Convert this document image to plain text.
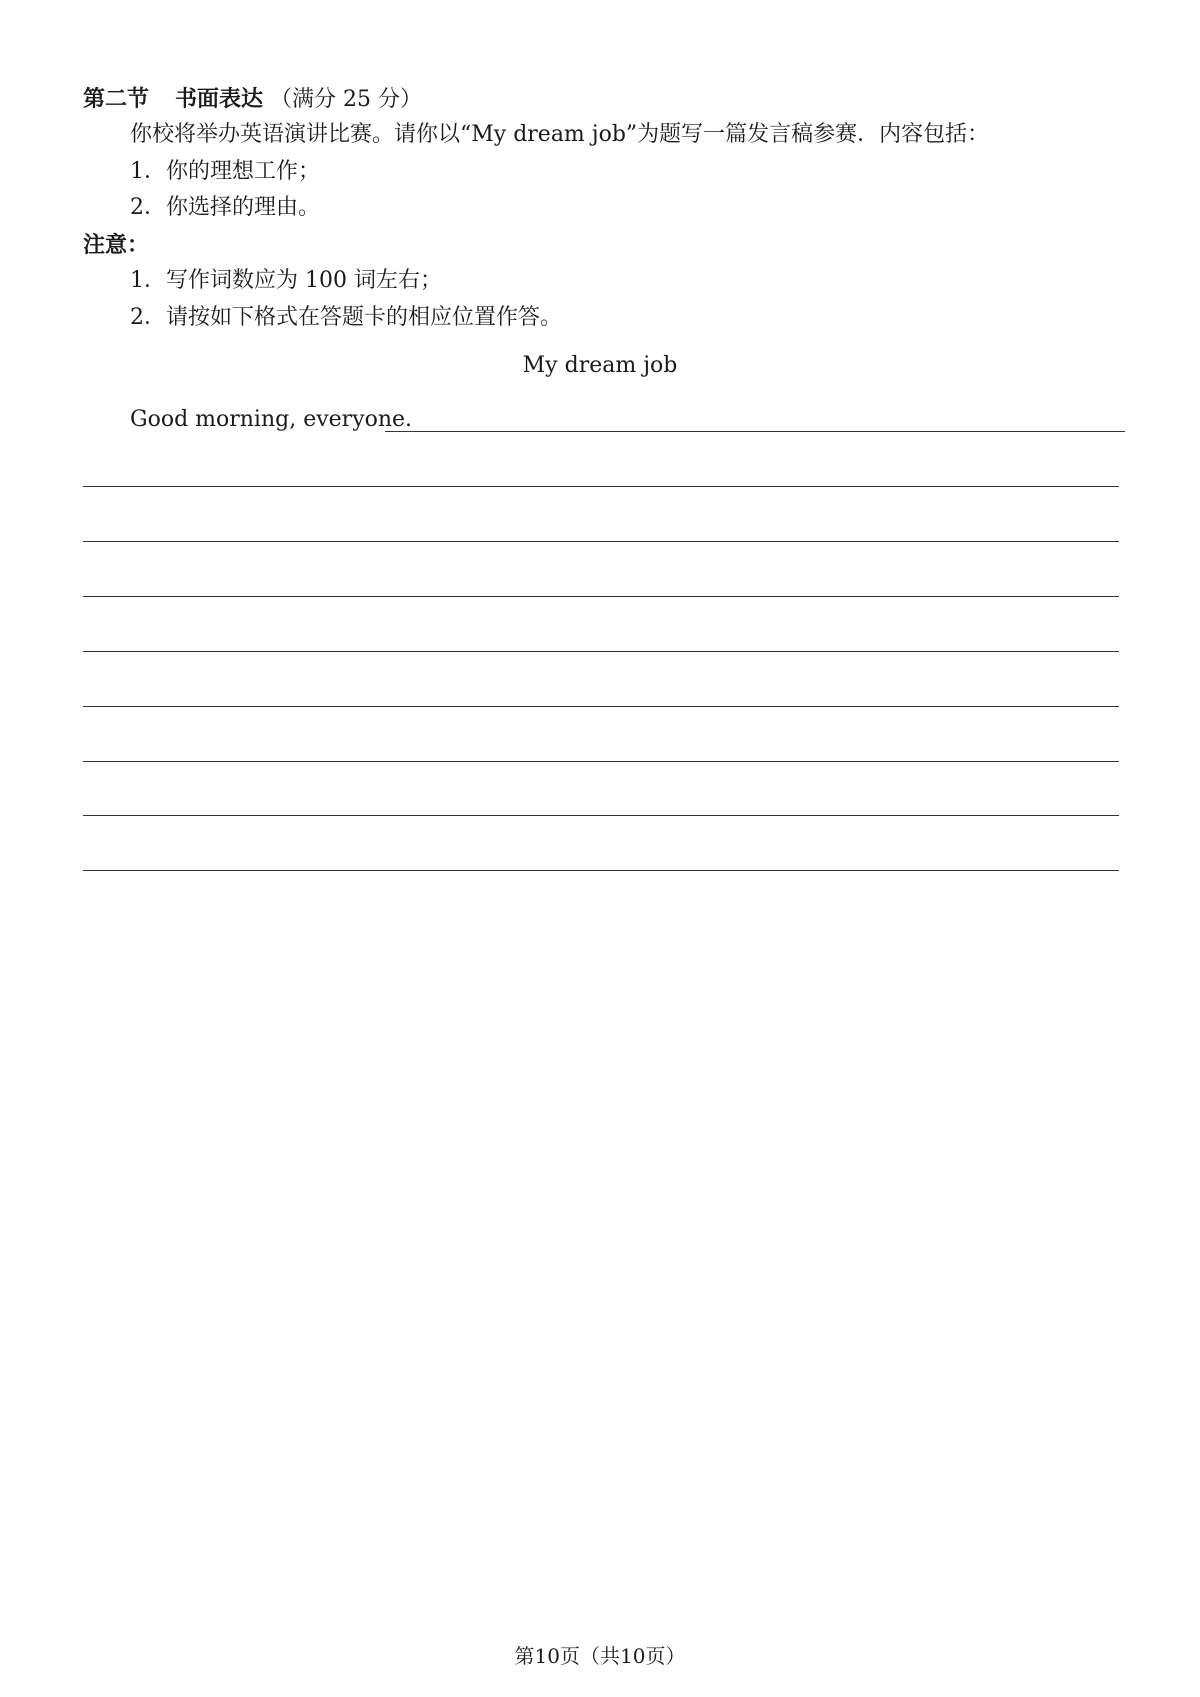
第二节 书面表达 （满分 25 分）
你校将举办英语演讲比赛。请你以“My dream job”为题写一篇发言稿参赛．内容包括：
1．你的理想工作；
2．你选择的理由。
注意：
1．写作词数应为 100 词左右；
2．请按如下格式在答题卡的相应位置作答。
My dream job
Good morning, everyone.
第10页（共10页）
